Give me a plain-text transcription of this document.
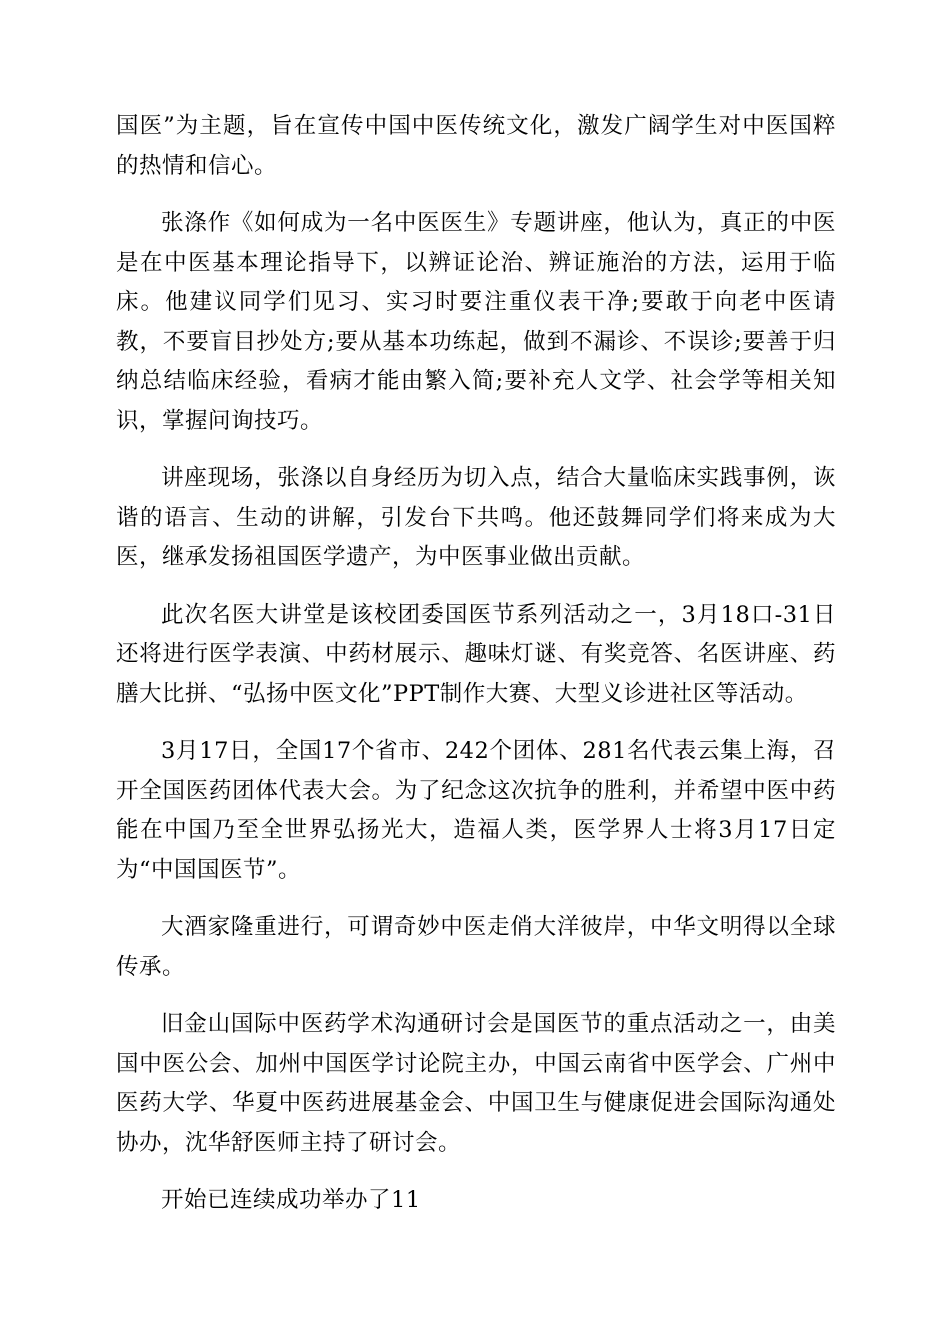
国医”为主题，旨在宣传中国中医传统文化，激发广阔学生对中医国粹的热情和信心。

张涤作《如何成为一名中医医生》专题讲座，他认为，真正的中医是在中医基本理论指导下，以辨证论治、辨证施治的方法，运用于临床。他建议同学们见习、实习时要注重仪表干净;要敢于向老中医请教，不要盲目抄处方;要从基本功练起，做到不漏诊、不误诊;要善于归纳总结临床经验，看病才能由繁入简;要补充人文学、社会学等相关知识，掌握问询技巧。

讲座现场，张涤以自身经历为切入点，结合大量临床实践事例，诙谐的语言、生动的讲解，引发台下共鸣。他还鼓舞同学们将来成为大医，继承发扬祖国医学遗产，为中医事业做出贡献。

此次名医大讲堂是该校团委国医节系列活动之一，3月18口-31日还将进行医学表演、中药材展示、趣味灯谜、有奖竞答、名医讲座、药膳大比拼、“弘扬中医文化”PPT制作大赛、大型义诊进社区等活动。

3月17日，全国17个省市、242个团体、281名代表云集上海，召开全国医药团体代表大会。为了纪念这次抗争的胜利，并希望中医中药能在中国乃至全世界弘扬光大，造福人类，医学界人士将3月17日定为“中国国医节”。

大酒家隆重进行，可谓奇妙中医走俏大洋彼岸，中华文明得以全球传承。

旧金山国际中医药学术沟通研讨会是国医节的重点活动之一，由美国中医公会、加州中国医学讨论院主办，中国云南省中医学会、广州中医药大学、华夏中医药进展基金会、中国卫生与健康促进会国际沟通处协办，沈华舒医师主持了研讨会。

开始已连续成功举办了11
